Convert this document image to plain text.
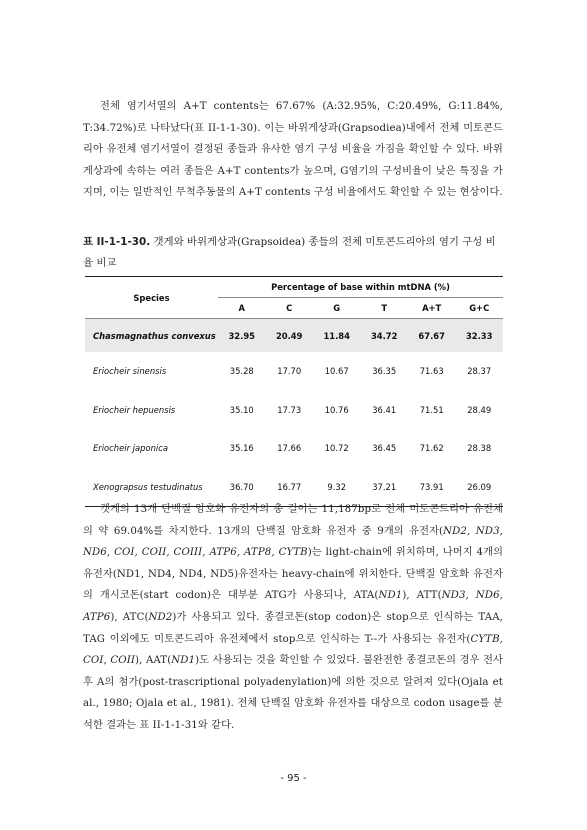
전체 염기서열의 A+T contents는 67.67% (A:32.95%, C:20.49%, G:11.84%, T:34.72%)로 나타났다(표 II-1-1-30). 이는 바위게상과(Grapsodiea)내에서 전체 미토콘드리아 유전체 염기서열이 결정된 종들과 유사한 염기 구성 비율을 가짐을 확인할 수 있다. 바위게상과에 속하는 여러 종들은 A+T contents가 높으며, G염기의 구성비율이 낮은 특징을 가지며, 이는 일반적인 무척추동물의 A+T contents 구성 비율에서도 확인할 수 있는 현상이다.

표 II-1-1-30. 갯게와 바위게상과(Grapsoidea) 종들의 전체 미토콘드리아의 염기 구성 비율 비교
Species	Percentage of base within mtDNA (%)					
	A	C	G	T	A+T	G+C
Chasmagnathus convexus	32.95	20.49	11.84	34.72	67.67	32.33
Eriocheir sinensis	35.28	17.70	10.67	36.35	71.63	28.37
Eriocheir hepuensis	35.10	17.73	10.76	36.41	71.51	28.49
Eriocheir japonica	35.16	17.66	10.72	36.45	71.62	28.38
Xenograpsus testudinatus	36.70	16.77	9.32	37.21	73.91	26.09

갯게의 13개 단백질 암호화 유전자의 총 길이는 11,187bp로 전체 미토콘드리아 유전체의 약 69.04%를 차지한다. 13개의 단백질 암호화 유전자 중 9개의 유전자(ND2, ND3, ND6, COI, COII, COIII, ATP6, ATP8, CYTB)는 light-chain에 위치하며, 나머지 4개의 유전자(ND1, ND4, ND4, ND5)유전자는 heavy-chain에 위치한다. 단백질 암호화 유전자의 개시코돈(start codon)은 대부분 ATG가 사용되나, ATA(ND1), ATT(ND3, ND6, ATP6), ATC(ND2)가 사용되고 있다. 종결코돈(stop codon)은 stop으로 인식하는 TAA, TAG 이외에도 미토콘드리아 유전체에서 stop으로 인식하는 T--가 사용되는 유전자(CYTB, COI, COII), AAT(ND1)도 사용되는 것을 확인할 수 있었다. 불완전한 종결코돈의 경우 전사 후 A의 첨가(post-trascriptional polyadenylation)에 의한 것으로 알려져 있다(Ojala et al., 1980; Ojala et al., 1981). 전체 단백질 암호화 유전자를 대상으로 codon usage를 분석한 결과는 표 II-1-1-31와 같다.

- 95 -
